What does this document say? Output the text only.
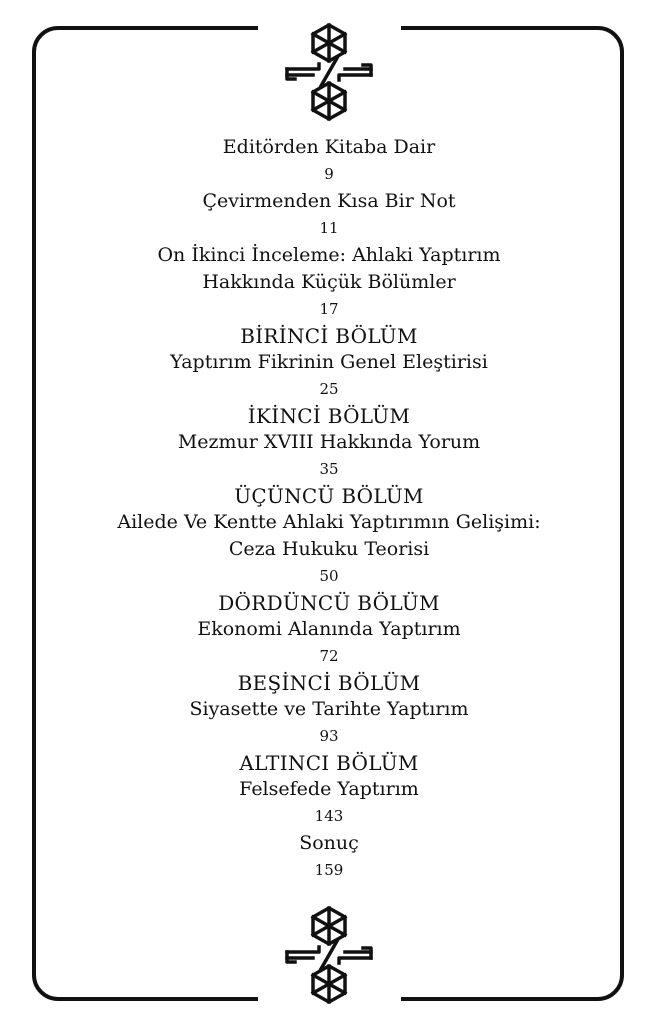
Editörden Kitaba Dair
9
Çevirmenden Kısa Bir Not
11
On İkinci İnceleme: Ahlaki Yaptırım
Hakkında Küçük Bölümler
17
BİRİNCİ BÖLÜM
Yaptırım Fikrinin Genel Eleştirisi
25
İKİNCİ BÖLÜM
Mezmur XVIII Hakkında Yorum
35
ÜÇÜNCÜ BÖLÜM
Ailede Ve Kentte Ahlaki Yaptırımın Gelişimi:
Ceza Hukuku Teorisi
50
DÖRDÜNCÜ BÖLÜM
Ekonomi Alanında Yaptırım
72
BEŞİNCİ BÖLÜM
Siyasette ve Tarihte Yaptırım
93
ALTINCI BÖLÜM
Felsefede Yaptırım
143
Sonuç
159
